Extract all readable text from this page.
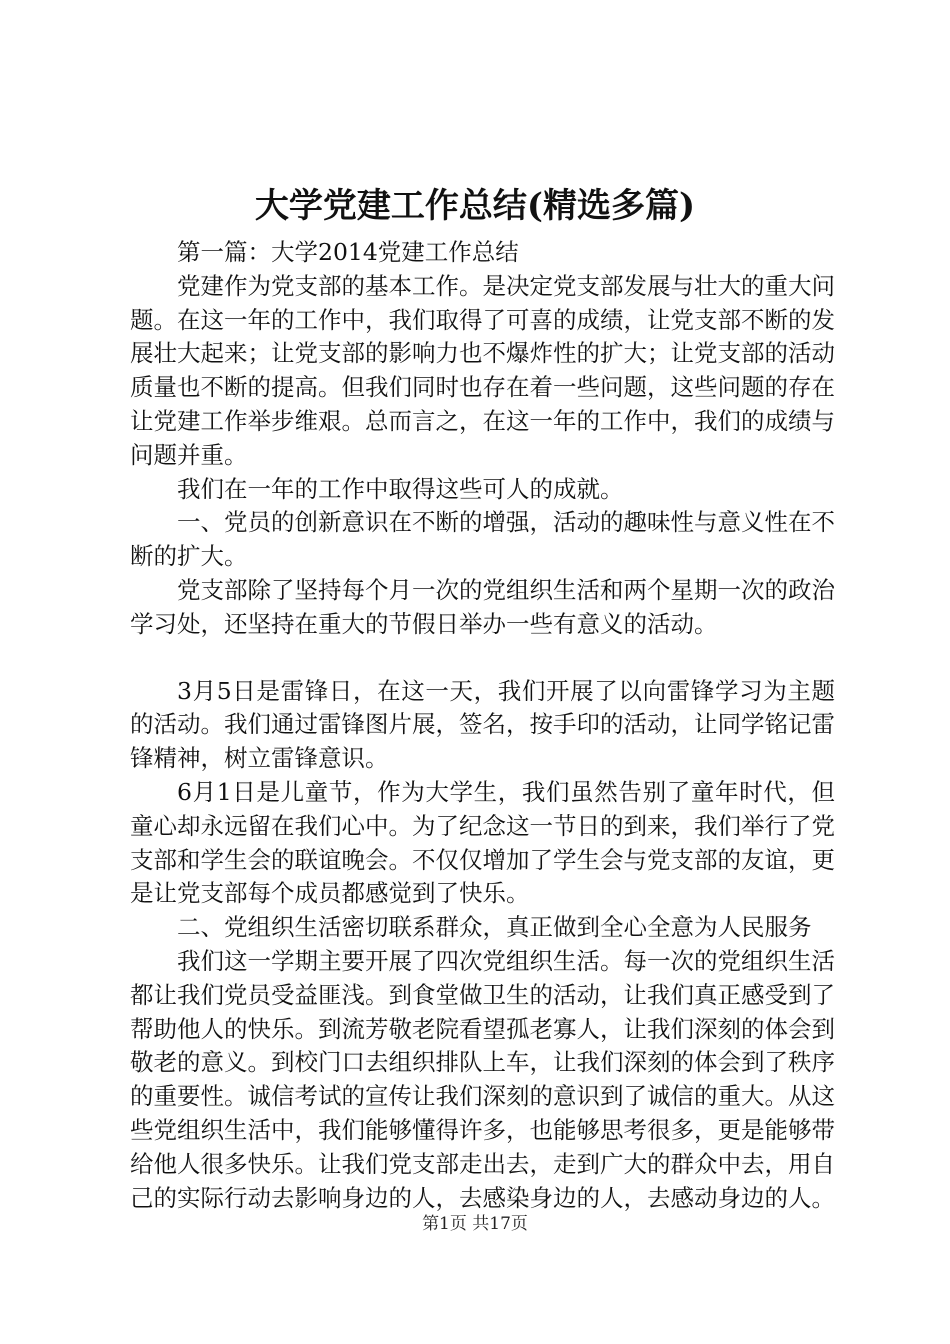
大学党建工作总结(精选多篇)

第一篇：大学2014党建工作总结

党建作为党支部的基本工作。是决定党支部发展与壮大的重大问题。在这一年的工作中，我们取得了可喜的成绩，让党支部不断的发展壮大起来；让党支部的影响力也不爆炸性的扩大；让党支部的活动质量也不断的提高。但我们同时也存在着一些问题，这些问题的存在让党建工作举步维艰。总而言之，在这一年的工作中，我们的成绩与问题并重。

我们在一年的工作中取得这些可人的成就。

一、党员的创新意识在不断的增强，活动的趣味性与意义性在不断的扩大。

党支部除了坚持每个月一次的党组织生活和两个星期一次的政治学习处，还坚持在重大的节假日举办一些有意义的活动。

3月5日是雷锋日，在这一天，我们开展了以向雷锋学习为主题的活动。我们通过雷锋图片展，签名，按手印的活动，让同学铭记雷锋精神，树立雷锋意识。

6月1日是儿童节，作为大学生，我们虽然告别了童年时代，但童心却永远留在我们心中。为了纪念这一节日的到来，我们举行了党支部和学生会的联谊晚会。不仅仅增加了学生会与党支部的友谊，更是让党支部每个成员都感觉到了快乐。

二、党组织生活密切联系群众，真正做到全心全意为人民服务

我们这一学期主要开展了四次党组织生活。每一次的党组织生活都让我们党员受益匪浅。到食堂做卫生的活动，让我们真正感受到了帮助他人的快乐。到流芳敬老院看望孤老寡人，让我们深刻的体会到敬老的意义。到校门口去组织排队上车，让我们深刻的体会到了秩序的重要性。诚信考试的宣传让我们深刻的意识到了诚信的重大。从这些党组织生活中，我们能够懂得许多，也能够思考很多，更是能够带给他人很多快乐。让我们党支部走出去，走到广大的群众中去，用自己的实际行动去影响身边的人，去感染身边的人，去感动身边的人。

第1页 共17页
